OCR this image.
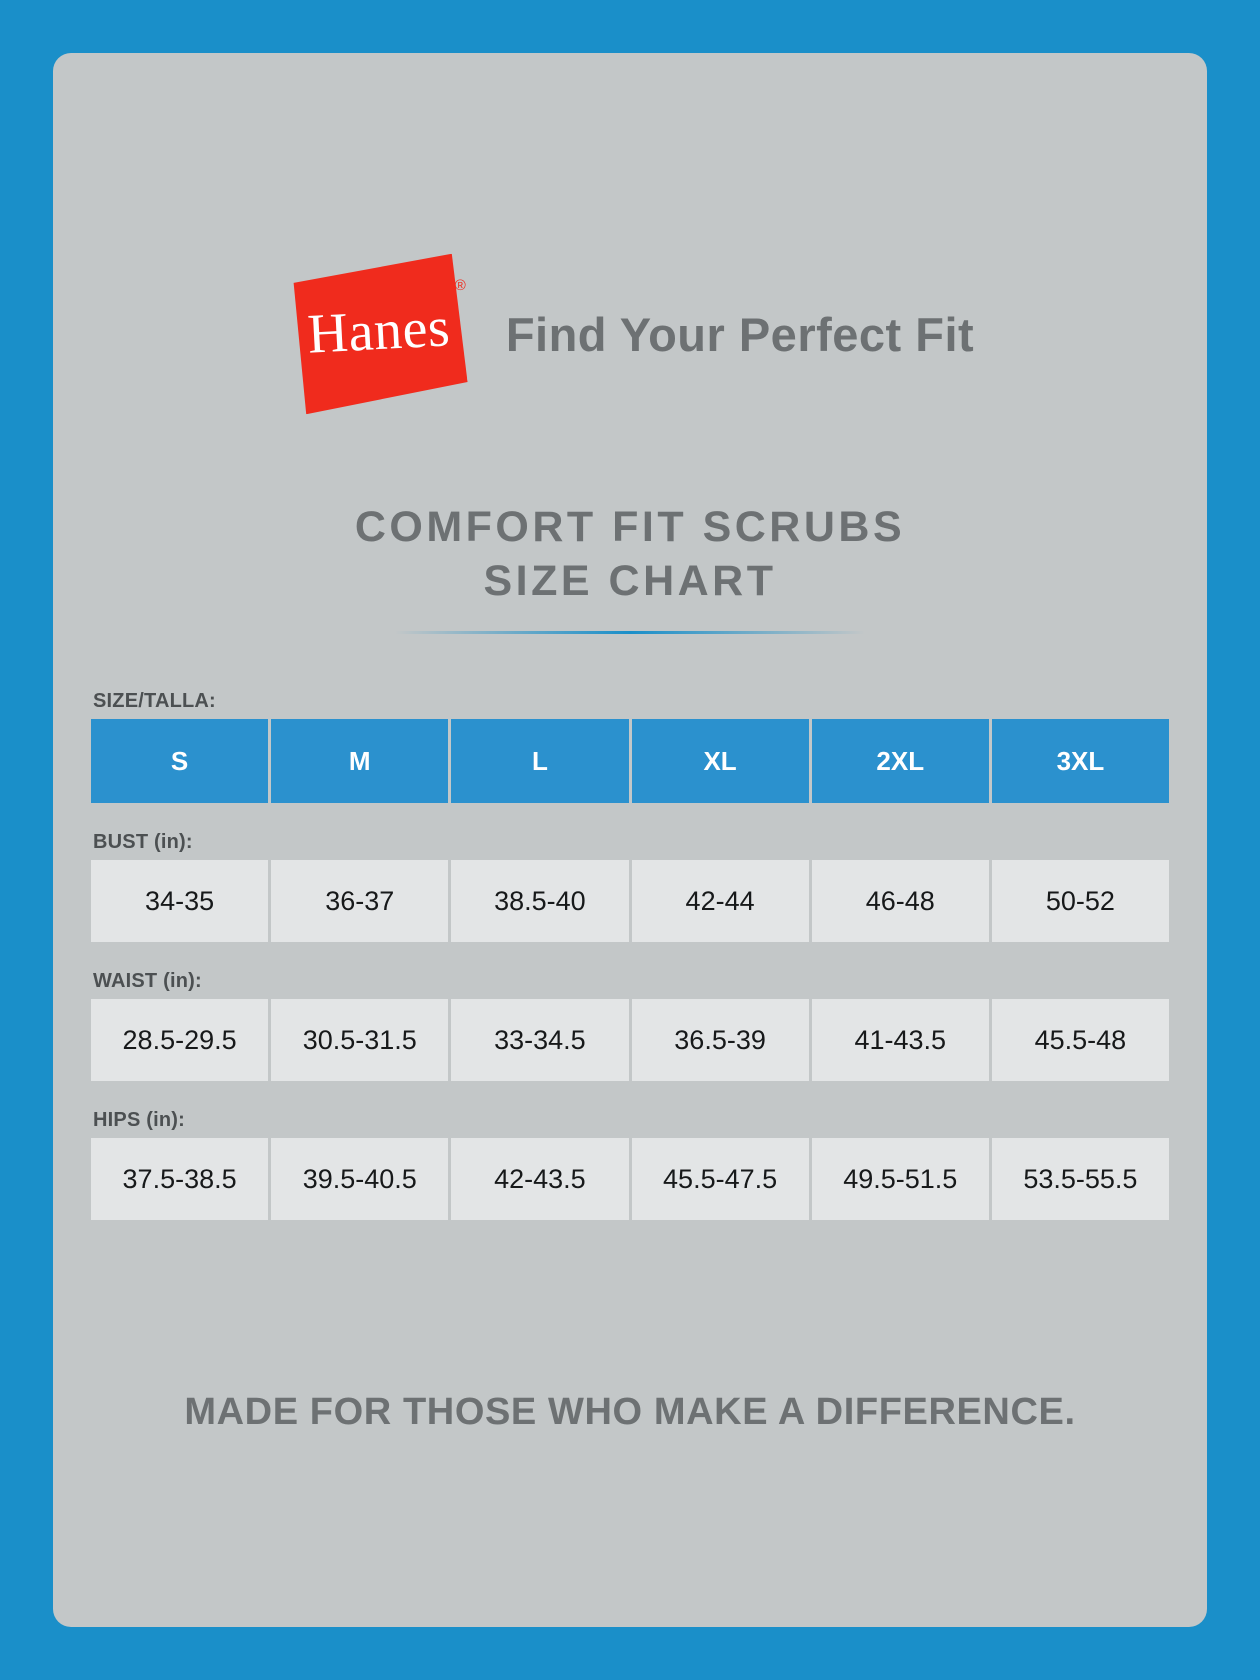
Hanes
®
Find Your Perfect Fit
COMFORT FIT SCRUBS
SIZE CHART
SIZE/TALLA:
S	M	L	XL	2XL	3XL
BUST (in):
34-35	36-37	38.5-40	42-44	46-48	50-52
WAIST (in):
28.5-29.5	30.5-31.5	33-34.5	36.5-39	41-43.5	45.5-48
HIPS (in):
37.5-38.5	39.5-40.5	42-43.5	45.5-47.5	49.5-51.5	53.5-55.5
MADE FOR THOSE WHO MAKE A DIFFERENCE.
